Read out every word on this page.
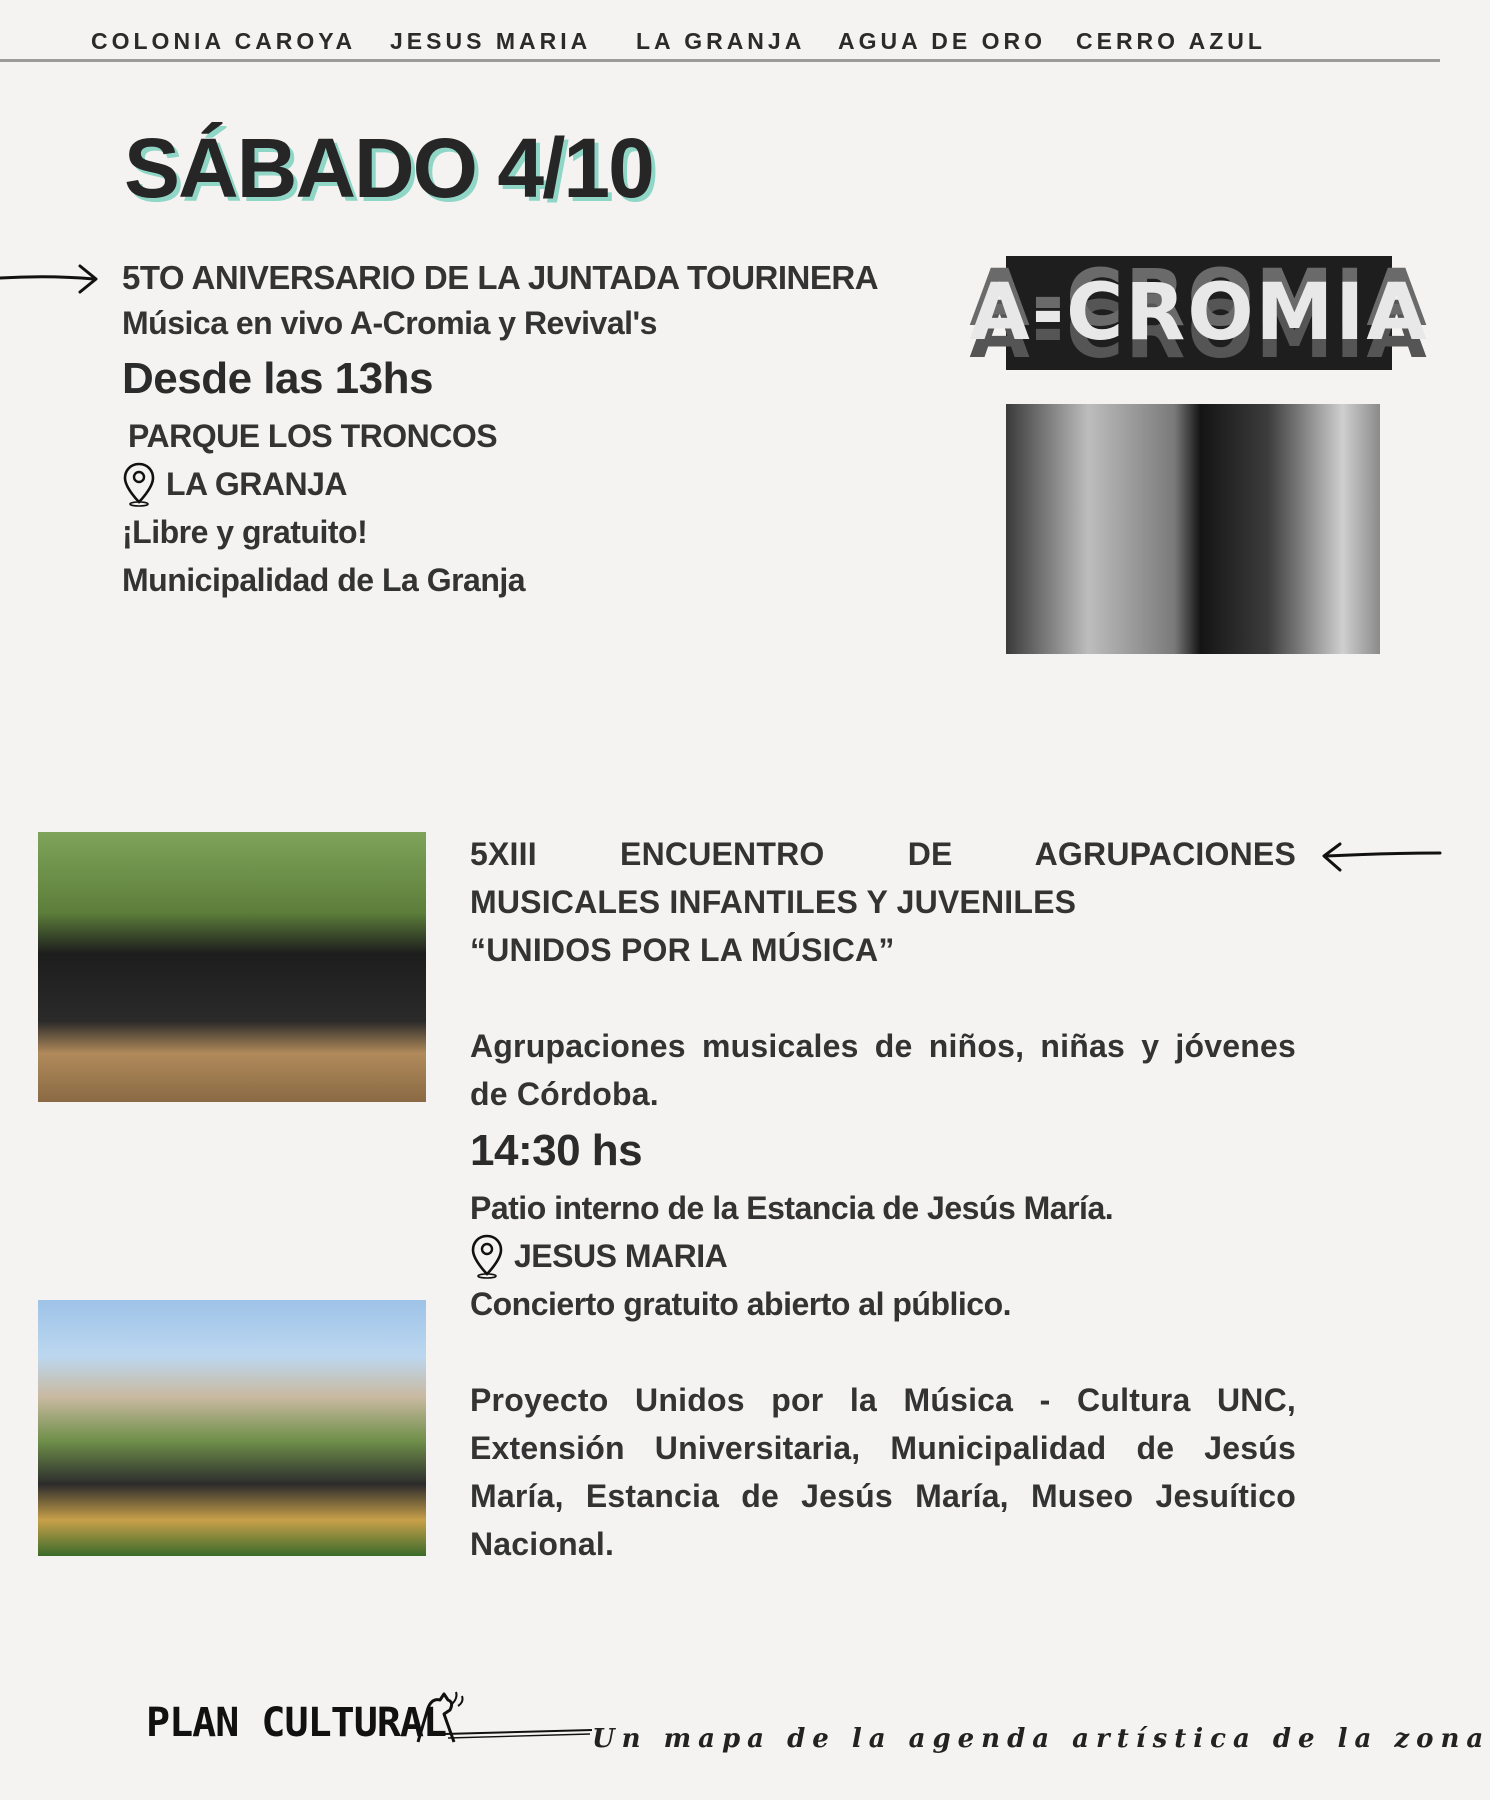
COLONIA CAROYA JESUS MARIA LA GRANJA AGUA DE ORO CERRO AZUL
SÁBADO 4/10
5TO ANIVERSARIO DE LA JUNTADA TOURINERA
Música en vivo A-Cromia y Revival's
Desde las 13hs
PARQUE LOS TRONCOS
LA GRANJA
¡Libre y gratuito!
Municipalidad de La Granja
A-CROMIA
5XIII ENCUENTRO DE AGRUPACIONES
MUSICALES INFANTILES Y JUVENILES
“UNIDOS POR LA MÚSICA”
Agrupaciones musicales de niños, niñas y jóvenes
de Córdoba.
14:30 hs
Patio interno de la Estancia de Jesús María.
JESUS MARIA
Concierto gratuito abierto al público.
Proyecto Unidos por la Música - Cultura UNC,
Extensión Universitaria, Municipalidad de Jesús
María, Estancia de Jesús María, Museo Jesuítico
Nacional.
PLAN CULTURAL	Un mapa de la agenda artística de la zona
